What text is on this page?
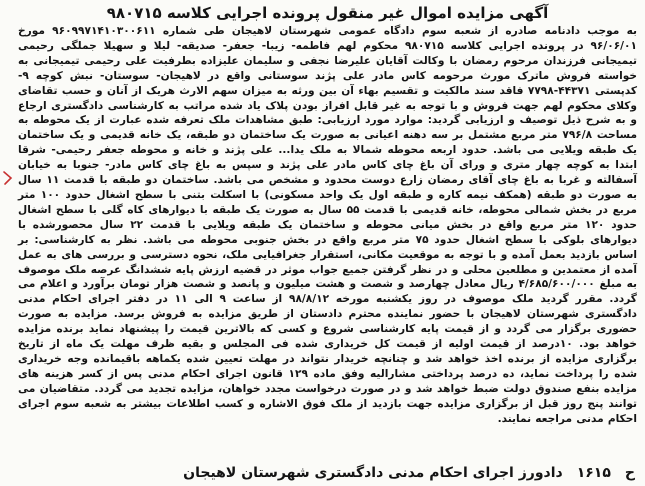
آگهی مزایده اموال غیر منقول پرونده اجرایی کلاسه ۹۸۰۷۱۵

به موجب دادنامه صادره از شعبه سوم دادگاه عمومی شهرستان لاهیجان طی شماره ۹۶۰۹۹۷۱۴۱۰۳۰۰۶۱۱ مورخ ۹۶/۰۶/۰۱ در پرونده اجرایی کلاسه ۹۸۰۷۱۵ محکوم لهم فاطمه- زیبا- جعفر- صدیقه- لیلا و سهیلا جملگی رحیمی تیمیجانی فرزندان مرحوم رمضان با وکالت آقایان علیرضا نجفی و سلیمان علیزاده بطرفیت علی رحیمی تیمیجانی به خواسته فروش ماترک مورث مرحومه کاس مادر علی پژند سوستانی واقع در لاهیجان- سوستان- نبش کوچه ۹- کدپستی ۴۴۳۷۱-۷۷۹۸ فاقد سند مالکیت و تقسیم بهاء آن بین ورثه به میزان سهم الارث هریک از آنان و حسب تقاضای وکلای محکوم لهم جهت فروش و با توجه به غیر قابل افراز بودن پلاک یاد شده مراتب به کارشناسی دادگستری ارجاع و به شرح ذیل توصیف و ارزیابی گردید: موارد مورد ارزیابی: طبق مشاهدات ملک تعرفه شده عبارت از یک محوطه به مساحت ۷۹۶/۸ متر مربع مشتمل بر سه دهنه اعیانی به صورت یک ساختمان دو طبقه، یک خانه قدیمی و یک ساختمان یک طبقه ویلایی می باشد. حدود اربعه محوطه شمالا به ملک یدا... علی پژند و خانه و محوطه جعفر رحیمی- شرقا ابتدا به کوچه چهار متری و ورای آن باغ چای کاس مادر علی پژند و سپس به باغ چای کاس مادر- جنوبا به خیابان آسفالته و غربا به باغ چای آقای رمضان زارع دوست محدود و مشخص می باشد. ساختمان دو طبقه با قدمت ۱۱ سال به صورت دو طبقه (همکف نیمه کاره و طبقه اول یک واحد مسکونی) با اسکلت بتنی با سطح اشغال حدود ۱۰۰ متر مربع در بخش شمالی محوطه، خانه قدیمی با قدمت ۵۵ سال به صورت یک طبقه با دیوارهای کاه گلی با سطح اشغال حدود ۱۲۰ متر مربع واقع در بخش میانی محوطه و ساختمان یک طبقه ویلایی با قدمت ۲۲ سال محصورشده با دیوارهای بلوکی با سطح اشغال حدود ۷۵ متر مربع واقع در بخش جنوبی محوطه می باشد. نظر به کارشناسی: بر اساس بازدید بعمل آمده و با توجه به موقعیت مکانی، استقرار جغرافیایی ملک، نحوه دسترسی و بررسی های به عمل آمده از معتمدین و مطلعین محلی و در نظر گرفتن جمیع جواب موثر در قضیه ارزش پایه ششدانگ عرصه ملک موصوف به مبلغ ۴/۶۸۵/۶۰۰/۰۰۰ ریال معادل چهارصد و شصت و هشت میلیون و پانصد و شصت هزار تومان برآورد و اعلام می گردد. مقرر گردید ملک موصوف در روز یکشنبه مورخه ۹۸/۸/۱۲ از ساعت ۹ الی ۱۱ در دفتر اجرای احکام مدنی دادگستری شهرستان لاهیجان با حضور نماینده محترم دادستان از طریق مزایده به فروش برسد. مزایده به صورت حضوری برگزار می گردد و از قیمت پایه کارشناسی شروع و کسی که بالاترین قیمت را پیشنهاد نماید برنده مزایده خواهد بود. ۱۰درصد از قیمت اولیه از قیمت کل خریداری شده فی المجلس و بقیه ظرف مهلت یک ماه از تاریخ برگزاری مزایده از برنده اخذ خواهد شد و چنانچه خریدار نتواند در مهلت تعیین شده یکماهه باقیمانده وجه خریداری شده را پرداخت نماید، ده درصد پرداختی مشارالیه وفق ماده ۱۲۹ قانون اجرای احکام مدنی پس از کسر هزینه های مزایده بنفع صندوق دولت ضبط خواهد شد و در صورت درخواست مجدد خواهان، مزایده تجدید می گردد. متقاضیان می توانند پنج روز قبل از برگزاری مزایده جهت بازدید از ملک فوق الاشاره و کسب اطلاعات بیشتر به شعبه سوم اجرای احکام مدنی مراجعه نمایند.

ح
۱۶۱۵
دادورز اجرای احکام مدنی دادگستری شهرستان لاهیجان
